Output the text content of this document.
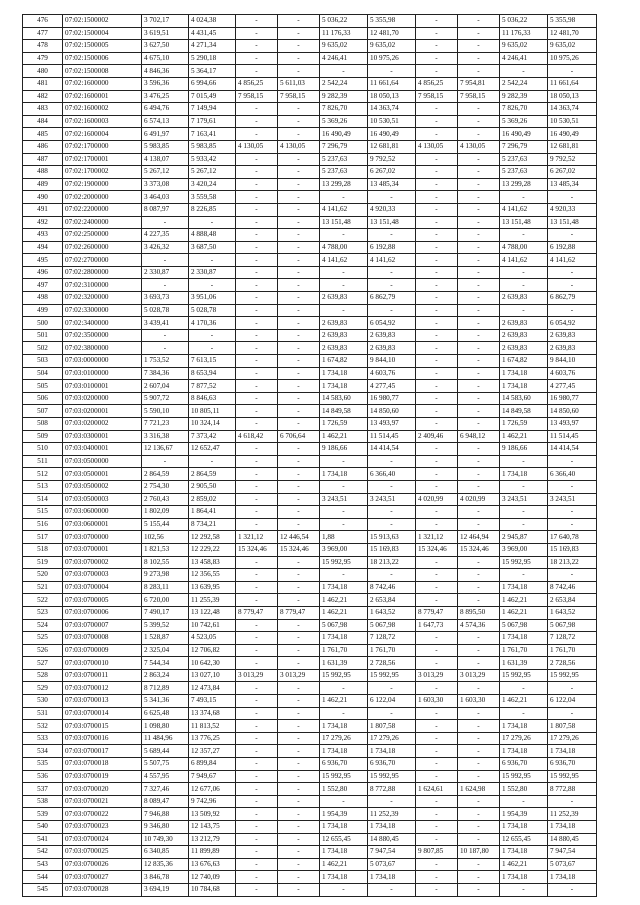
476	07:02:1500002	3 702,17	4 024,38	-	-	5 036,22	5 355,98	-	-	5 036,22	5 355,98
477	07:02:1500004	3 619,51	4 431,45	-	-	11 176,33	12 481,70	-	-	11 176,33	12 481,70
478	07:02:1500005	3 627,50	4 271,34	-	-	9 635,02	9 635,02	-	-	9 635,02	9 635,02
479	07:02:1500006	4 675,10	5 290,18	-	-	4 246,41	10 975,26	-	-	4 246,41	10 975,26
480	07:02:1500008	4 846,36	5 364,17	-	-	-	-	-	-	-	-
481	07:02:1600000	3 596,36	6 994,66	4 856,25	5 611,03	2 542,24	11 661,64	4 856,25	7 954,81	2 542,24	11 661,64
482	07:02:1600001	3 476,25	7 015,49	7 958,15	7 958,15	9 282,39	18 050,13	7 958,15	7 958,15	9 282,39	18 050,13
483	07:02:1600002	6 494,76	7 149,94	-	-	7 826,70	14 363,74	-	-	7 826,70	14 363,74
484	07:02:1600003	6 574,13	7 179,61	-	-	5 369,26	10 530,51	-	-	5 369,26	10 530,51
485	07:02:1600004	6 491,97	7 163,41	-	-	16 490,49	16 490,49	-	-	16 490,49	16 490,49
486	07:02:1700000	5 983,85	5 983,85	4 130,05	4 130,05	7 296,79	12 681,81	4 130,05	4 130,05	7 296,79	12 681,81
487	07:02:1700001	4 138,07	5 933,42	-	-	5 237,63	9 792,52	-	-	5 237,63	9 792,52
488	07:02:1700002	5 267,12	5 267,12	-	-	5 237,63	6 267,02	-	-	5 237,63	6 267,02
489	07:02:1900000	3 373,08	3 420,24	-	-	13 299,28	13 485,34	-	-	13 299,28	13 485,34
490	07:02:2000000	3 464,03	3 559,58	-	-	-	-	-	-	-	-
491	07:02:2200000	8 087,97	8 226,85	-	-	4 141,62	4 920,33	-	-	4 141,62	4 920,33
492	07:02:2400000	-	-	-	-	13 151,48	13 151,48	-	-	13 151,48	13 151,48
493	07:02:2500000	4 227,35	4 888,48	-	-	-	-	-	-	-	-
494	07:02:2600000	3 426,32	3 687,50	-	-	4 788,00	6 192,88	-	-	4 788,00	6 192,88
495	07:02:2700000	-	-	-	-	4 141,62	4 141,62	-	-	4 141,62	4 141,62
496	07:02:2800000	2 330,87	2 330,87	-	-	-	-	-	-	-	-
497	07:02:3100000	-	-	-	-	-	-	-	-	-	-
498	07:02:3200000	3 693,73	3 951,06	-	-	2 639,83	6 862,79	-	-	2 639,83	6 862,79
499	07:02:3300000	5 028,78	5 028,78	-	-	-	-	-	-	-	-
500	07:02:3400000	3 439,41	4 170,36	-	-	2 639,83	6 054,92	-	-	2 639,83	6 054,92
501	07:02:3500000	-	-	-	-	2 639,83	2 639,83	-	-	2 639,83	2 639,83
502	07:02:3800000	-	-	-	-	2 639,83	2 639,83	-	-	2 639,83	2 639,83
503	07:03:0000000	1 753,52	7 613,15	-	-	1 674,82	9 844,10	-	-	1 674,82	9 844,10
504	07:03:0100000	7 384,36	8 653,94	-	-	1 734,18	4 603,76	-	-	1 734,18	4 603,76
505	07:03:0100001	2 607,04	7 877,52	-	-	1 734,18	4 277,45	-	-	1 734,18	4 277,45
506	07:03:0200000	5 907,72	8 846,63	-	-	14 583,60	16 980,77	-	-	14 583,60	16 980,77
507	07:03:0200001	5 590,10	10 805,11	-	-	14 849,58	14 850,60	-	-	14 849,58	14 850,60
508	07:03:0200002	7 721,23	10 324,14	-	-	1 726,59	13 493,97	-	-	1 726,59	13 493,97
509	07:03:0300001	3 316,38	7 373,42	4 618,42	6 706,64	1 462,21	11 514,45	2 409,46	6 948,12	1 462,21	11 514,45
510	07:03:0400001	12 136,67	12 652,47	-	-	9 186,66	14 414,54	-	-	9 186,66	14 414,54
511	07:03:0500000	-	-	-	-	-	-	-	-	-	-
512	07:03:0500001	2 864,59	2 864,59	-	-	1 734,18	6 366,40	-	-	1 734,18	6 366,40
513	07:03:0500002	2 754,30	2 905,50	-	-	-	-	-	-	-	-
514	07:03:0500003	2 760,43	2 859,02	-	-	3 243,51	3 243,51	4 020,99	4 020,99	3 243,51	3 243,51
515	07:03:0600000	1 802,09	1 864,41	-	-	-	-	-	-	-	-
516	07:03:0600001	5 155,44	8 734,21	-	-	-	-	-	-	-	-
517	07:03:0700000	102,56	12 292,58	1 321,12	12 446,54	1,88	15 913,63	1 321,12	12 464,94	2 945,87	17 640,78
518	07:03:0700001	1 821,53	12 229,22	15 324,46	15 324,46	3 969,00	15 169,83	15 324,46	15 324,46	3 969,00	15 169,83
519	07:03:0700002	8 102,55	13 458,83	-	-	15 992,95	18 213,22	-	-	15 992,95	18 213,22
520	07:03:0700003	9 273,98	12 356,55	-	-	-	-	-	-	-	-
521	07:03:0700004	8 283,11	13 639,95	-	-	1 734,18	8 742,46	-	-	1 734,18	8 742,46
522	07:03:0700005	6 720,00	11 255,39	-	-	1 462,21	2 653,84	-	-	1 462,21	2 653,84
523	07:03:0700006	7 490,17	13 122,48	8 779,47	8 779,47	1 462,21	1 643,52	8 779,47	8 895,50	1 462,21	1 643,52
524	07:03:0700007	5 399,52	10 742,61	-	-	5 067,98	5 067,98	1 647,73	4 574,36	5 067,98	5 067,98
525	07:03:0700008	1 528,87	4 523,05	-	-	1 734,18	7 128,72	-	-	1 734,18	7 128,72
526	07:03:0700009	2 325,04	12 706,82	-	-	1 761,70	1 761,70	-	-	1 761,70	1 761,70
527	07:03:0700010	7 544,34	10 642,30	-	-	1 631,39	2 728,56	-	-	1 631,39	2 728,56
528	07:03:0700011	2 863,24	13 027,10	3 013,29	3 013,29	15 992,95	15 992,95	3 013,29	3 013,29	15 992,95	15 992,95
529	07:03:0700012	8 712,89	12 473,84	-	-	-	-	-	-	-	-
530	07:03:0700013	5 341,36	7 493,15	-	-	1 462,21	6 122,04	1 603,30	1 603,30	1 462,21	6 122,04
531	07:03:0700014	6 625,48	13 374,68	-	-	-	-	-	-	-	-
532	07:03:0700015	1 098,80	11 813,52	-	-	1 734,18	1 807,58	-	-	1 734,18	1 807,58
533	07:03:0700016	11 484,96	13 776,25	-	-	17 279,26	17 279,26	-	-	17 279,26	17 279,26
534	07:03:0700017	5 689,44	12 357,27	-	-	1 734,18	1 734,18	-	-	1 734,18	1 734,18
535	07:03:0700018	5 507,75	6 899,84	-	-	6 936,70	6 936,70	-	-	6 936,70	6 936,70
536	07:03:0700019	4 557,95	7 949,67	-	-	15 992,95	15 992,95	-	-	15 992,95	15 992,95
537	07:03:0700020	7 327,46	12 677,06	-	-	1 552,80	8 772,88	1 624,61	1 624,98	1 552,80	8 772,88
538	07:03:0700021	8 089,47	9 742,96	-	-	-	-	-	-	-	-
539	07:03:0700022	7 946,88	13 509,92	-	-	1 954,39	11 252,39	-	-	1 954,39	11 252,39
540	07:03:0700023	9 346,80	12 143,75	-	-	1 734,18	1 734,18	-	-	1 734,18	1 734,18
541	07:03:0700024	10 749,30	13 212,79	-	-	12 655,45	14 880,45	-	-	12 655,45	14 880,45
542	07:03:0700025	6 340,85	11 899,89	-	-	1 734,18	7 947,54	9 807,85	10 187,80	1 734,18	7 947,54
543	07:03:0700026	12 835,36	13 676,63	-	-	1 462,21	5 073,67	-	-	1 462,21	5 073,67
544	07:03:0700027	3 846,78	12 740,09	-	-	1 734,18	1 734,18	-	-	1 734,18	1 734,18
545	07:03:0700028	3 694,19	10 784,68	-	-	-	-	-	-	-	-
